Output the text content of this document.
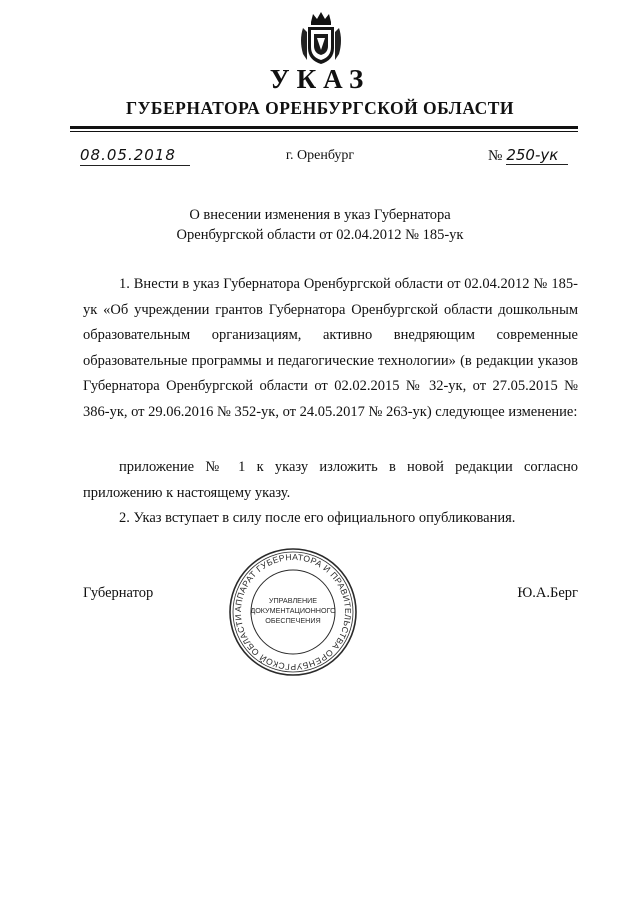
УКАЗ
ГУБЕРНАТОРА ОРЕНБУРГСКОЙ ОБЛАСТИ
08.05.2018	г. Оренбург	№ 250-ук
О внесении изменения в указ Губернатора
Оренбургской области от 02.04.2012 № 185-ук
1. Внести в указ Губернатора Оренбургской области от 02.04.2012 № 185-ук «Об учреждении грантов Губернатора Оренбургской области дошкольным образовательным организациям, активно внедряющим современные образовательные программы и педагогические технологии» (в редакции указов Губернатора Оренбургской области от 02.02.2015 № 32-ук, от 27.05.2015 № 386-ук, от 29.06.2016 № 352-ук, от 24.05.2017 № 263-ук) следующее изменение:
приложение № 1 к указу изложить в новой редакции согласно приложению к настоящему указу.
2. Указ вступает в силу после его официального опубликования.
Губернатор
АППАРАТ ГУБЕРНАТОРА И ПРАВИТЕЛЬСТВА ОРЕНБУРГСКОЙ ОБЛАСТИ
УПРАВЛЕНИЕ
ДОКУМЕНТАЦИОННОГО
ОБЕСПЕЧЕНИЯ
Ю.А.Берг
